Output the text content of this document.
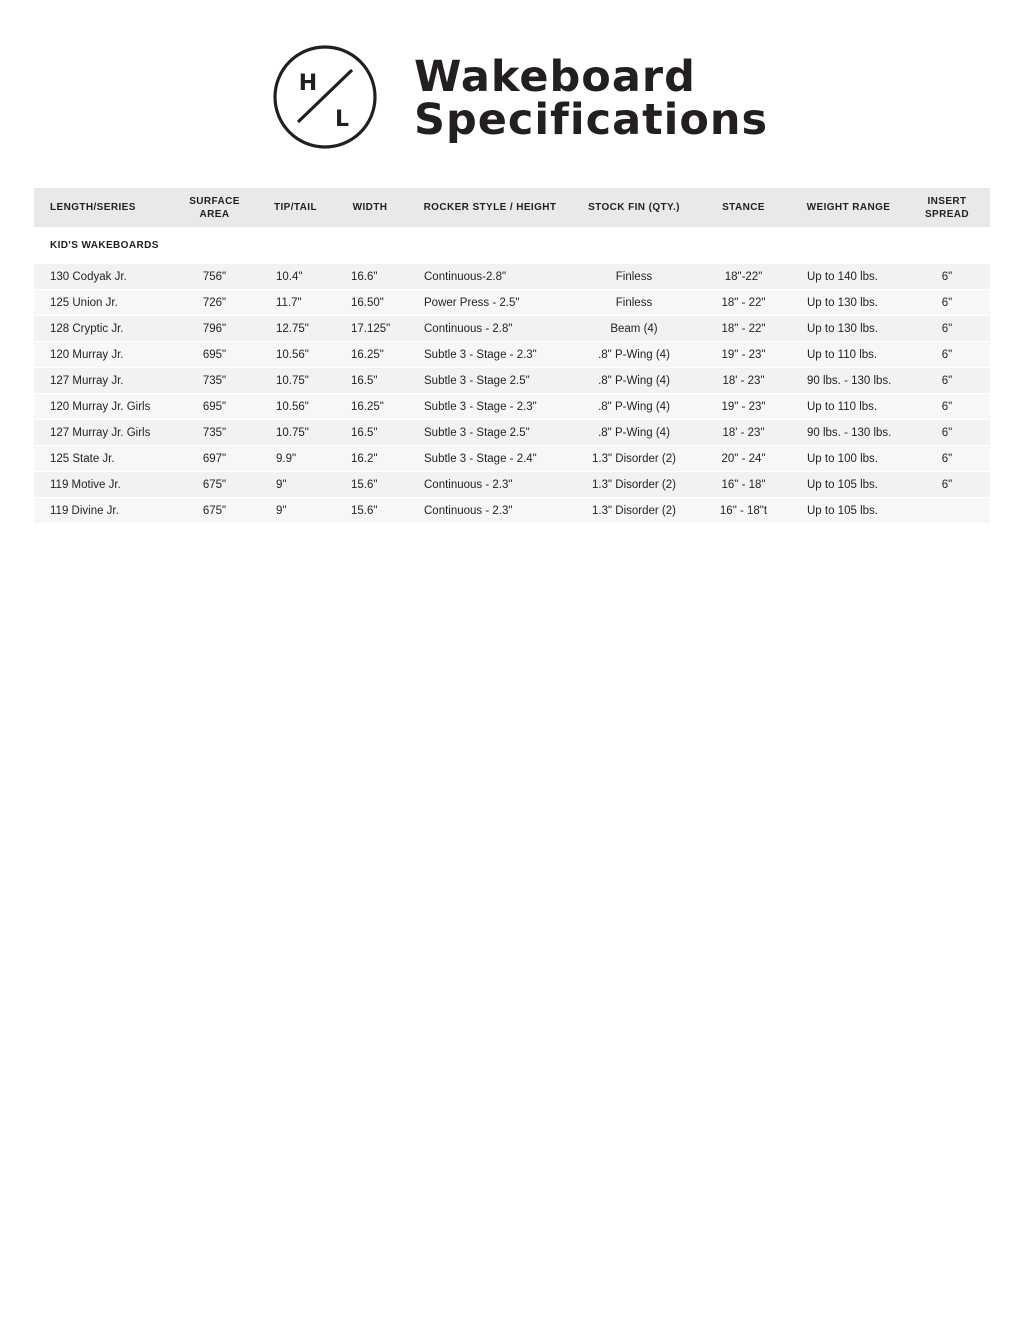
H
L
Wakeboard
Specifications
LENGTH/SERIES	SURFACE AREA	TIP/TAIL	WIDTH	ROCKER STYLE / HEIGHT	STOCK FIN (QTY.)	STANCE	WEIGHT RANGE	INSERT SPREAD

KID'S WAKEBOARDS								
130 Codyak Jr.	756"	10.4"	16.6"	Continuous-2.8"	Finless	18"-22"	Up to 140 lbs.	6"
125 Union Jr.	726"	11.7"	16.50"	Power Press - 2.5"	Finless	18" - 22"	Up to 130 lbs.	6"
128 Cryptic Jr.	796"	12.75"	17.125"	Continuous - 2.8"	Beam (4)	18" - 22"	Up to 130 lbs.	6"
120 Murray Jr.	695"	10.56"	16.25"	Subtle 3 - Stage - 2.3"	.8" P-Wing (4)	19" - 23"	Up to 110 lbs.	6"
127 Murray Jr.	735"	10.75"	16.5"	Subtle 3 - Stage 2.5"	.8" P-Wing (4)	18' - 23"	90 lbs. - 130 lbs.	6"
120 Murray Jr. Girls	695"	10.56"	16.25"	Subtle 3 - Stage - 2.3"	.8" P-Wing (4)	19" - 23"	Up to 110 lbs.	6"
127 Murray Jr. Girls	735"	10.75"	16.5"	Subtle 3 - Stage 2.5"	.8" P-Wing (4)	18' - 23"	90 lbs. - 130 lbs.	6"
125 State Jr.	697"	9.9"	16.2"	Subtle 3 - Stage - 2.4"	1.3" Disorder (2)	20" - 24"	Up to 100 lbs.	6"
119 Motive Jr.	675"	9"	15.6"	Continuous - 2.3"	1.3" Disorder (2)	16" - 18"	Up to 105 lbs.	6"
119 Divine Jr.	675"	9"	15.6"	Continuous - 2.3"	1.3" Disorder (2)	16" - 18"t	Up to 105 lbs.	
